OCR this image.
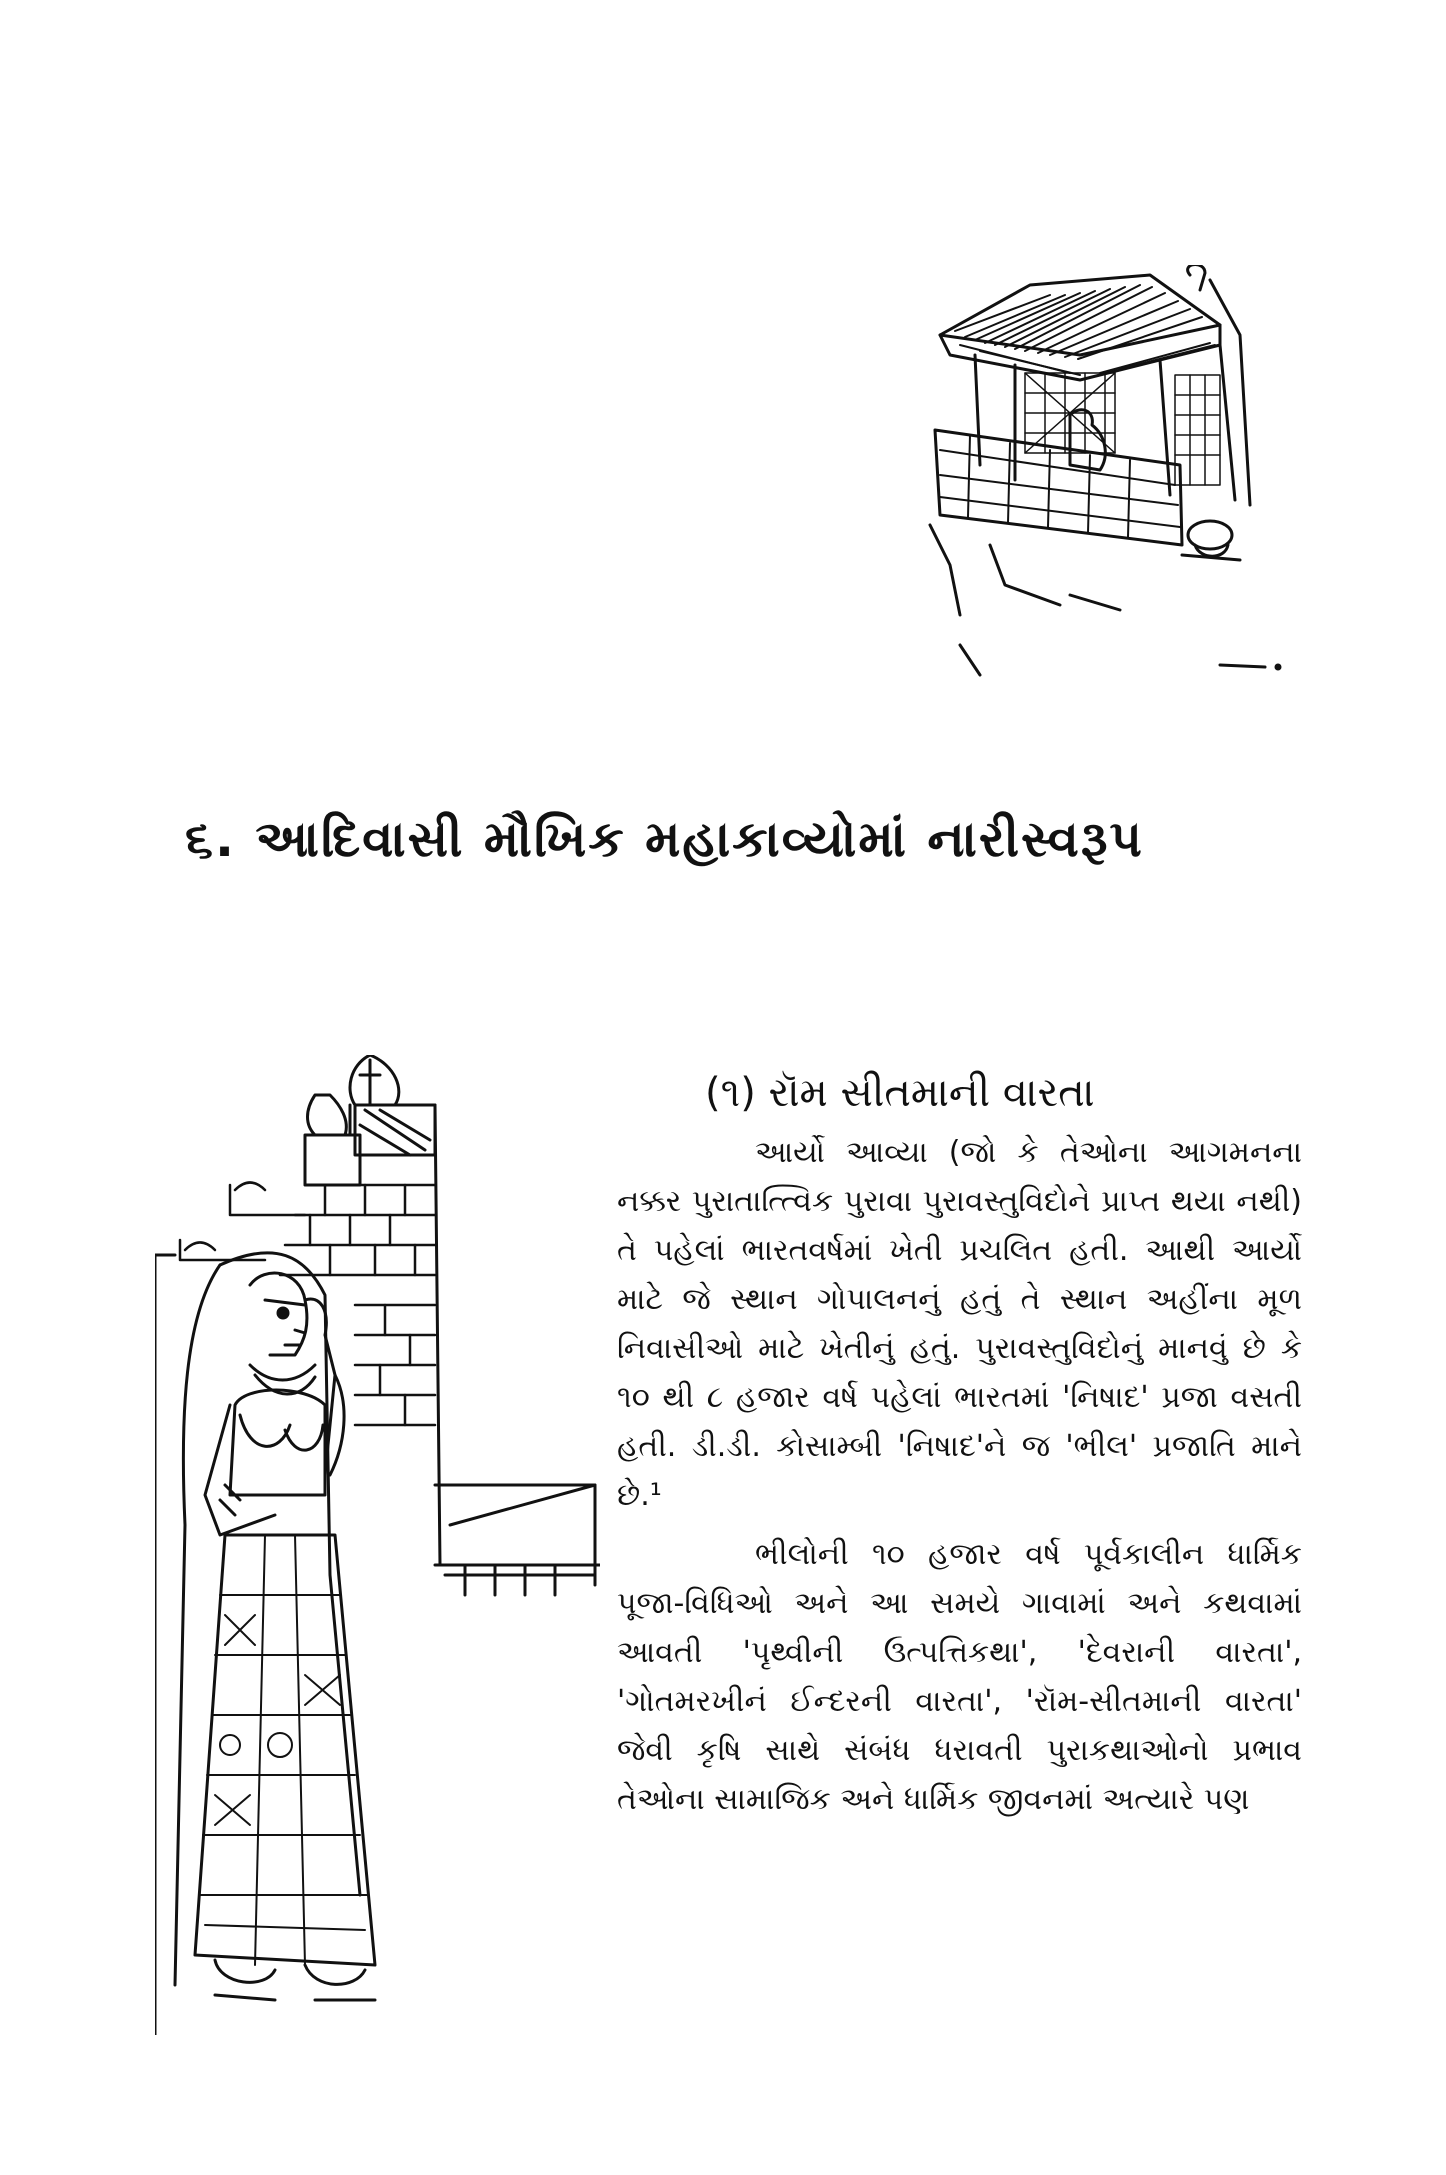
૬. આદિવાસી મૌખિક મહાકાવ્યોમાં નારીસ્વરૂપ
(૧) રૉમ સીતમાની વારતા

આર્યો આવ્યા (જો કે તેઓના આગમનના નક્કર પુરાતાત્ત્વિક પુરાવા પુરાવસ્તુવિદોને પ્રાપ્ત થયા નથી) તે પહેલાં ભારતવર્ષમાં ખેતી પ્રચલિત હતી. આથી આર્યો માટે જે સ્થાન ગોપાલનનું હતું તે સ્થાન અહીંના મૂળ નિવાસીઓ માટે ખેતીનું હતું. પુરાવસ્તુવિદોનું માનવું છે કે ૧૦ થી ૮ હજાર વર્ષ પહેલાં ભારતમાં 'નિષાદ' પ્રજા વસતી હતી. ડી.ડી. કોસામ્બી 'નિષાદ'ને જ 'ભીલ' પ્રજાતિ માને છે.¹

ભીલોની ૧૦ હજાર વર્ષ પૂર્વકાલીન ધાર્મિક પૂજા-વિધિઓ અને આ સમયે ગાવામાં અને કથવામાં આવતી 'પૃથ્વીની ઉત્પત્તિકથા', 'દેવરાની વારતા', 'ગોતમરખીનં ઈન્દરની વારતા', 'રૉમ-સીતમાની વારતા' જેવી કૃષિ સાથે સંબંધ ધરાવતી પુરાકથાઓનો પ્રભાવ તેઓના સામાજિક અને ધાર્મિક જીવનમાં અત્યારે પણ
